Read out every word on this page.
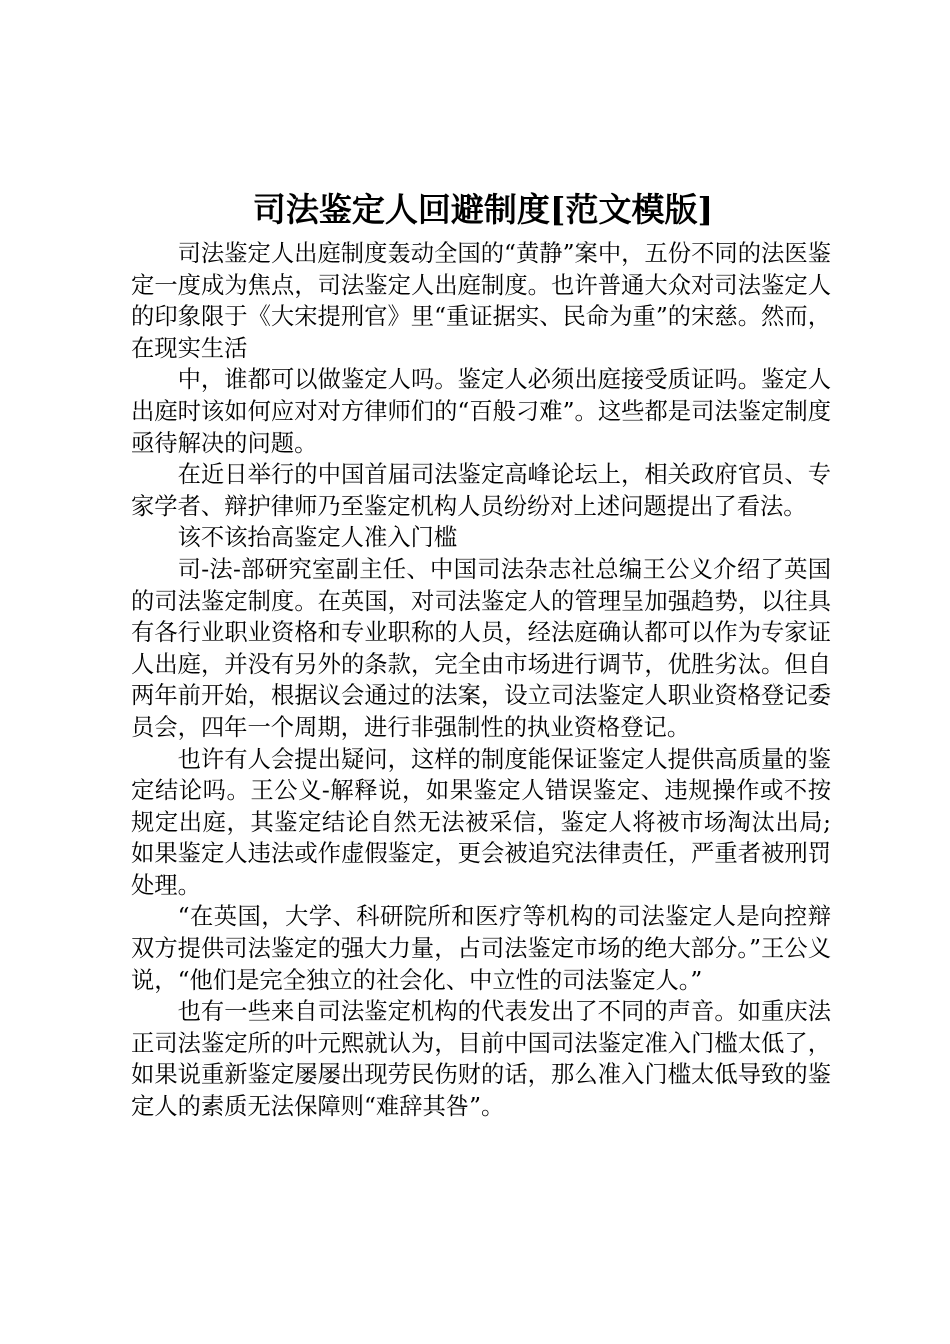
司法鉴定人回避制度[范文模版]

司法鉴定人出庭制度轰动全国的“黄静”案中，五份不同的法医鉴定一度成为焦点，司法鉴定人出庭制度。也许普通大众对司法鉴定人的印象限于《大宋提刑官》里“重证据实、民命为重”的宋慈。然而，在现实生活

中，谁都可以做鉴定人吗。鉴定人必须出庭接受质证吗。鉴定人出庭时该如何应对对方律师们的“百般刁难”。这些都是司法鉴定制度亟待解决的问题。

在近日举行的中国首届司法鉴定高峰论坛上，相关政府官员、专家学者、辩护律师乃至鉴定机构人员纷纷对上述问题提出了看法。

该不该抬高鉴定人准入门槛

司-法-部研究室副主任、中国司法杂志社总编王公义介绍了英国的司法鉴定制度。在英国，对司法鉴定人的管理呈加强趋势，以往具有各行业职业资格和专业职称的人员，经法庭确认都可以作为专家证人出庭，并没有另外的条款，完全由市场进行调节，优胜劣汰。但自两年前开始，根据议会通过的法案，设立司法鉴定人职业资格登记委员会，四年一个周期，进行非强制性的执业资格登记。

也许有人会提出疑问，这样的制度能保证鉴定人提供高质量的鉴定结论吗。王公义-解释说，如果鉴定人错误鉴定、违规操作或不按规定出庭，其鉴定结论自然无法被采信，鉴定人将被市场淘汰出局;如果鉴定人违法或作虚假鉴定，更会被追究法律责任，严重者被刑罚处理。

“在英国，大学、科研院所和医疗等机构的司法鉴定人是向控辩双方提供司法鉴定的强大力量，占司法鉴定市场的绝大部分。”王公义说，“他们是完全独立的社会化、中立性的司法鉴定人。”

也有一些来自司法鉴定机构的代表发出了不同的声音。如重庆法正司法鉴定所的叶元熙就认为，目前中国司法鉴定准入门槛太低了，如果说重新鉴定屡屡出现劳民伤财的话，那么准入门槛太低导致的鉴定人的素质无法保障则“难辞其咎”。
